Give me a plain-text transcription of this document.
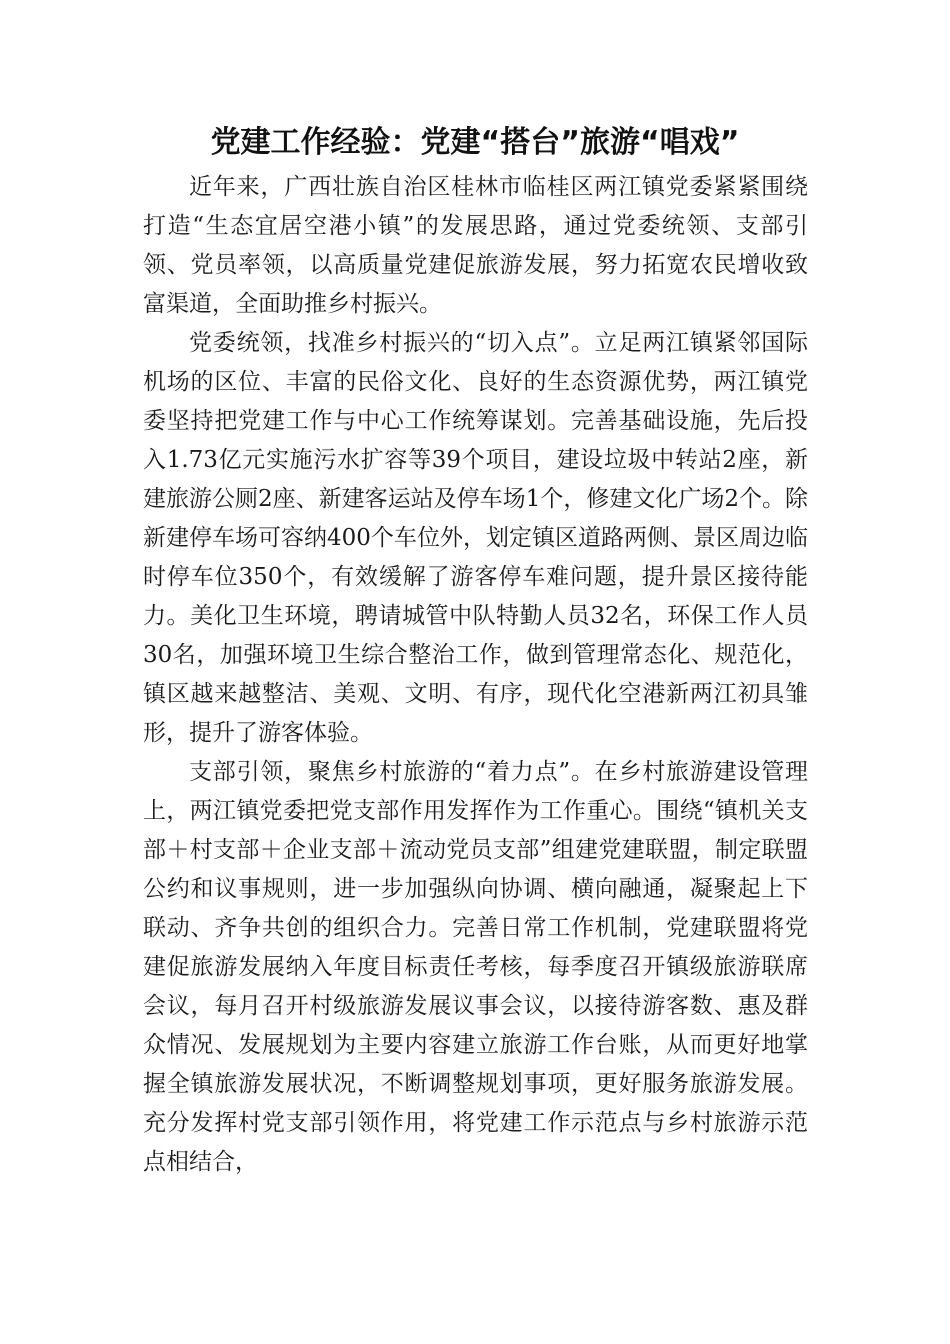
党建工作经验：党建“搭台”旅游“唱戏”

近年来，广西壮族自治区桂林市临桂区两江镇党委紧紧围绕打造“生态宜居空港小镇”的发展思路，通过党委统领、支部引领、党员率领，以高质量党建促旅游发展，努力拓宽农民增收致富渠道，全面助推乡村振兴。

党委统领，找准乡村振兴的“切入点”。立足两江镇紧邻国际机场的区位、丰富的民俗文化、良好的生态资源优势，两江镇党委坚持把党建工作与中心工作统筹谋划。完善基础设施，先后投入1.73亿元实施污水扩容等39个项目，建设垃圾中转站2座，新建旅游公厕2座、新建客运站及停车场1个，修建文化广场2个。除新建停车场可容纳400个车位外，划定镇区道路两侧、景区周边临时停车位350个，有效缓解了游客停车难问题，提升景区接待能力。美化卫生环境，聘请城管中队特勤人员32名，环保工作人员30名，加强环境卫生综合整治工作，做到管理常态化、规范化，镇区越来越整洁、美观、文明、有序，现代化空港新两江初具雏形，提升了游客体验。

支部引领，聚焦乡村旅游的“着力点”。在乡村旅游建设管理上，两江镇党委把党支部作用发挥作为工作重心。围绕“镇机关支部＋村支部＋企业支部＋流动党员支部”组建党建联盟，制定联盟公约和议事规则，进一步加强纵向协调、横向融通，凝聚起上下联动、齐争共创的组织合力。完善日常工作机制，党建联盟将党建促旅游发展纳入年度目标责任考核，每季度召开镇级旅游联席会议，每月召开村级旅游发展议事会议，以接待游客数、惠及群众情况、发展规划为主要内容建立旅游工作台账，从而更好地掌握全镇旅游发展状况，不断调整规划事项，更好服务旅游发展。充分发挥村党支部引领作用，将党建工作示范点与乡村旅游示范点相结合，
